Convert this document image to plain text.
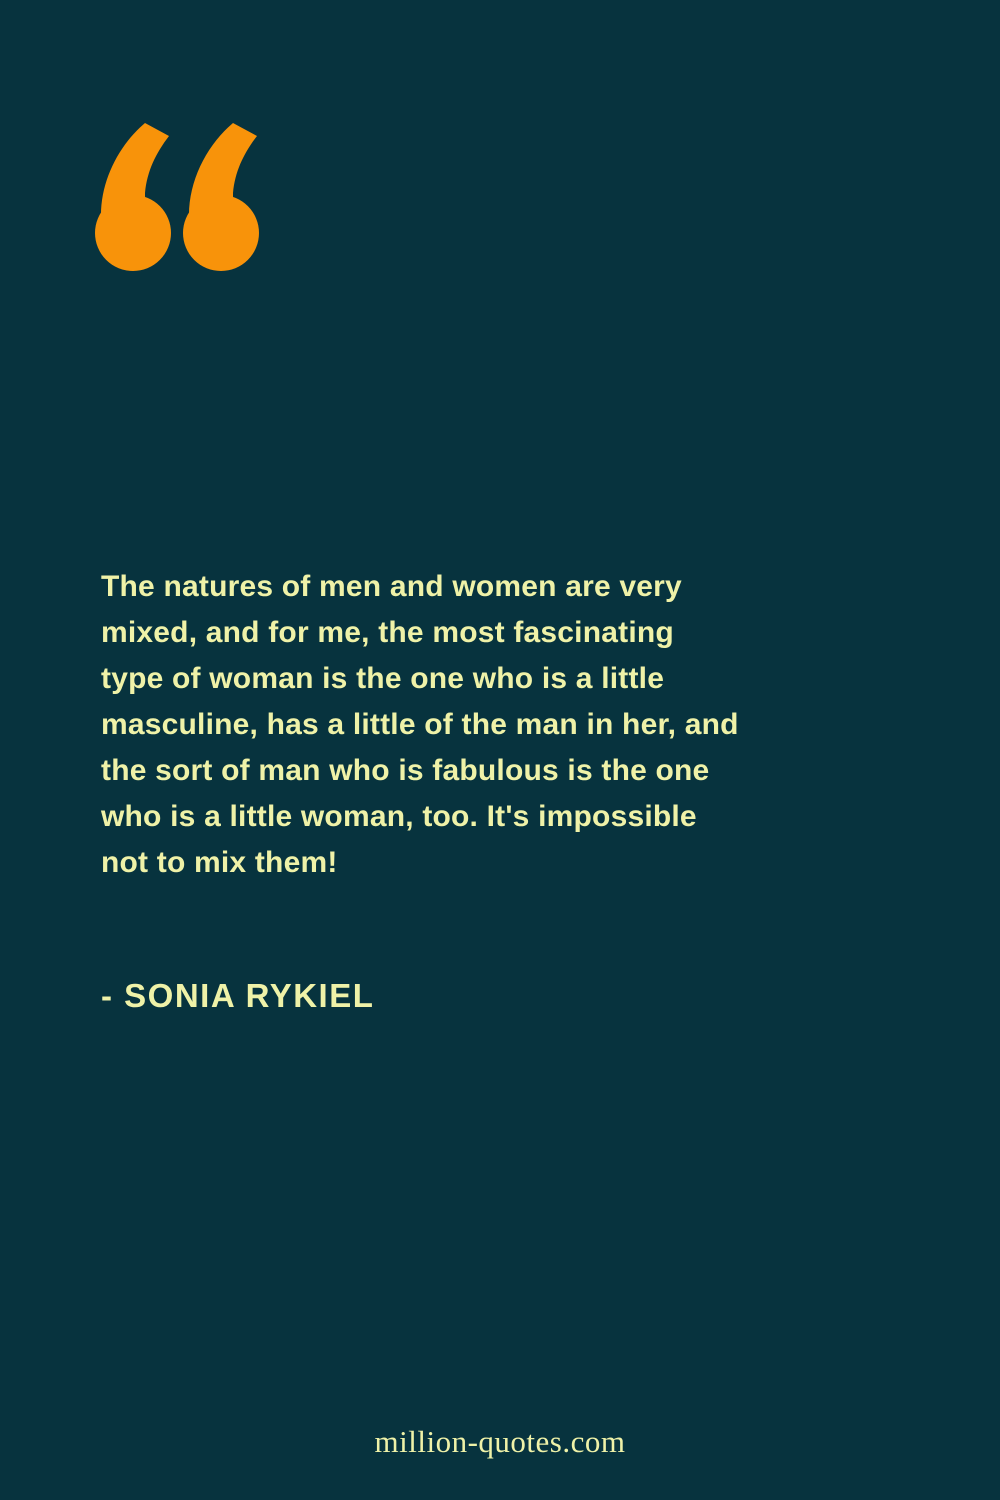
The natures of men and women are very
mixed, and for me, the most fascinating
type of woman is the one who is a little
masculine, has a little of the man in her, and
the sort of man who is fabulous is the one
who is a little woman, too. It's impossible
not to mix them!
- SONIA RYKIEL
million-quotes.com
